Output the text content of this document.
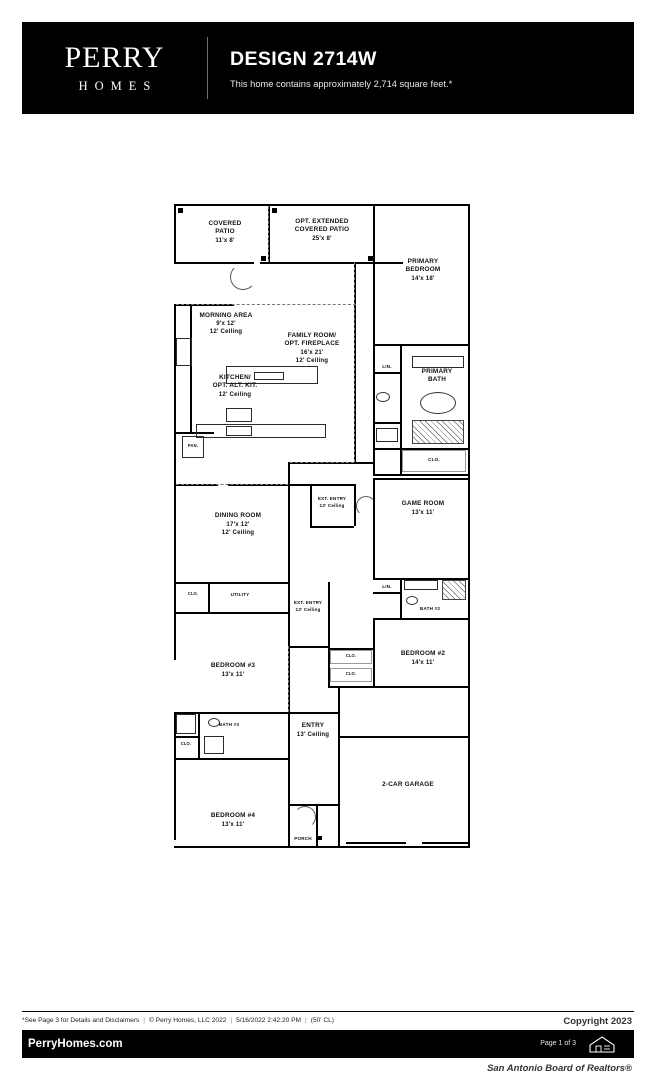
PERRY
HOMES
DESIGN 2714W
This home contains approximately 2,714 square feet.*
CLO.
CLO.
CLO.
PAN.
CLO.	UTILITY
CLO.
COVERED
PATIO
11'x 8'
OPT. EXTENDED
COVERED PATIO
25'x 8'
PRIMARY
BEDROOM
14'x 18'
MORNING AREA
9'x 12'
12' Ceiling
FAMILY ROOM/
OPT. FIREPLACE
16'x 21'
12' Ceiling
KITCHEN/
OPT. ALT. KIT.
12' Ceiling
PRIMARY
BATH
LIN.
LIN.
DINING ROOM
17'x 12'
12' Ceiling
GAME ROOM
13'x 11'
EXT. ENTRY
13' Ceiling
EXT. ENTRY
13' Ceiling	BATH #2
BEDROOM #2
14'x 11'
BEDROOM #3
13'x 11'
BATH #3
BEDROOM #4
13'x 11'
ENTRY
13' Ceiling
2-CAR GARAGE
PORCH
*See Page 3 for Details and Disclaimers | © Perry Homes, LLC 2022 | 5/16/2022 2:42:20 PM | (50' CL)
PerryHomes.com	Page 1 of 3
Copyright 2023
San Antonio Board of Realtors®
